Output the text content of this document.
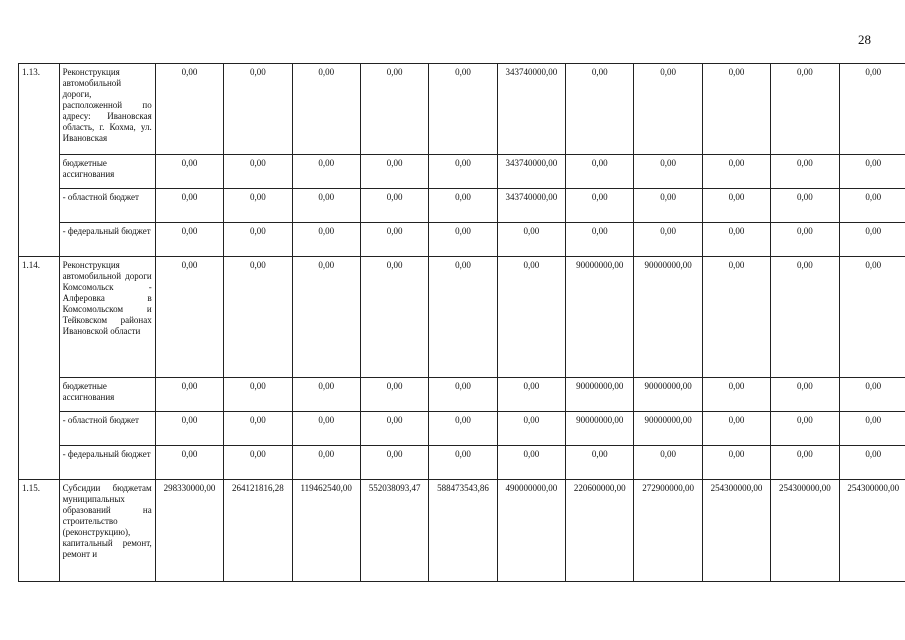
28
1.13.	Реконструкция автомобильной дороги, расположенной по адресу: Ивановская область, г. Кохма, ул. Ивановская	0,00	0,00	0,00	0,00	0,00	343740000,00	0,00	0,00	0,00	0,00	0,00
	бюджетные ассигнования	0,00	0,00	0,00	0,00	0,00	343740000,00	0,00	0,00	0,00	0,00	0,00
	- областной бюджет	0,00	0,00	0,00	0,00	0,00	343740000,00	0,00	0,00	0,00	0,00	0,00
	- федеральный бюджет	0,00	0,00	0,00	0,00	0,00	0,00	0,00	0,00	0,00	0,00	0,00
1.14.	Реконструкция автомобильной дороги Комсомольск - Алферовка в Комсомольском и Тейковском районах Ивановской области	0,00	0,00	0,00	0,00	0,00	0,00	90000000,00	90000000,00	0,00	0,00	0,00
	бюджетные ассигнования	0,00	0,00	0,00	0,00	0,00	0,00	90000000,00	90000000,00	0,00	0,00	0,00
	- областной бюджет	0,00	0,00	0,00	0,00	0,00	0,00	90000000,00	90000000,00	0,00	0,00	0,00
	- федеральный бюджет	0,00	0,00	0,00	0,00	0,00	0,00	0,00	0,00	0,00	0,00	0,00
1.15.	Субсидии бюджетам муниципальных образований на строительство (реконструкцию), капитальный ремонт, ремонт и	298330000,00	264121816,28	119462540,00	552038093,47	588473543,86	490000000,00	220600000,00	272900000,00	254300000,00	254300000,00	254300000,00
